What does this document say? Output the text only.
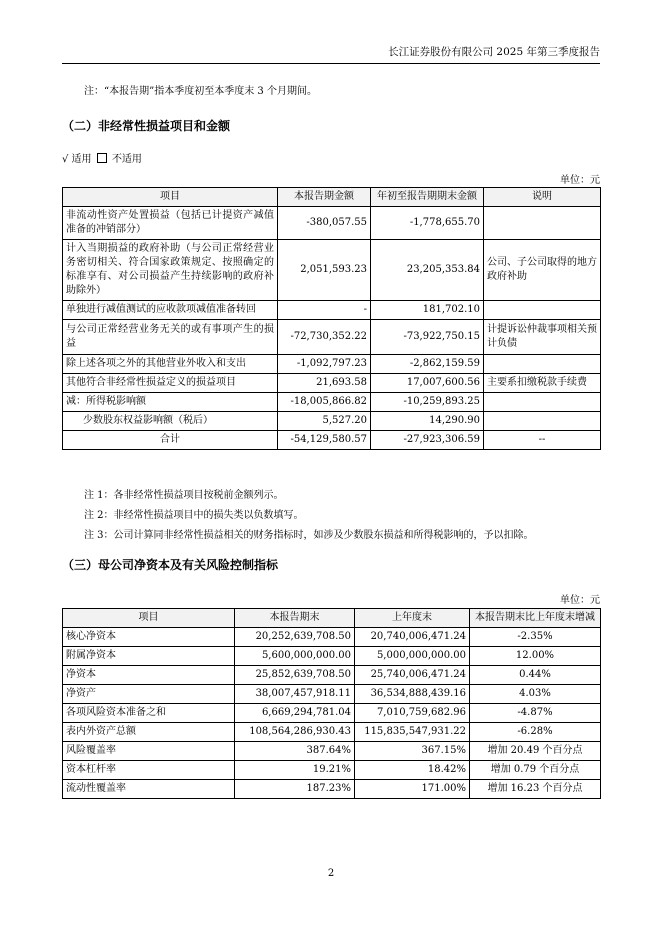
长江证券股份有限公司 2025 年第三季度报告
注：“本报告期”指本季度初至本季度末 3 个月期间。
（二）非经常性损益项目和金额
√ 适用 不适用
单位：元
项目	本报告期金额	年初至报告期期末金额	说明
非流动性资产处置损益（包括已计提资产减值准备的冲销部分）	-380,057.55	-1,778,655.70	
计入当期损益的政府补助（与公司正常经营业务密切相关、符合国家政策规定、按照确定的标准享有、对公司损益产生持续影响的政府补助除外）	2,051,593.23	23,205,353.84	公司、子公司取得的地方政府补助
单独进行减值测试的应收款项减值准备转回	-	181,702.10	
与公司正常经营业务无关的或有事项产生的损益	-72,730,352.22	-73,922,750.15	计提诉讼仲裁事项相关预计负债
除上述各项之外的其他营业外收入和支出	-1,092,797.23	-2,862,159.59	
其他符合非经常性损益定义的损益项目	21,693.58	17,007,600.56	主要系扣缴税款手续费
减：所得税影响额	-18,005,866.82	-10,259,893.25	
少数股东权益影响额（税后）	5,527.20	14,290.90	
合计	-54,129,580.57	-27,923,306.59	--
注 1：各非经常性损益项目按税前金额列示。
注 2：非经常性损益项目中的损失类以负数填写。
注 3：公司计算同非经常性损益相关的财务指标时，如涉及少数股东损益和所得税影响的，予以扣除。
（三）母公司净资本及有关风险控制指标
单位：元
项目	本报告期末	上年度末	本报告期末比上年度末增减
核心净资本	20,252,639,708.50	20,740,006,471.24	-2.35%
附属净资本	5,600,000,000.00	5,000,000,000.00	12.00%
净资本	25,852,639,708.50	25,740,006,471.24	0.44%
净资产	38,007,457,918.11	36,534,888,439.16	4.03%
各项风险资本准备之和	6,669,294,781.04	7,010,759,682.96	-4.87%
表内外资产总额	108,564,286,930.43	115,835,547,931.22	-6.28%
风险覆盖率	387.64%	367.15%	增加 20.49 个百分点
资本杠杆率	19.21%	18.42%	增加 0.79 个百分点
流动性覆盖率	187.23%	171.00%	增加 16.23 个百分点
2
